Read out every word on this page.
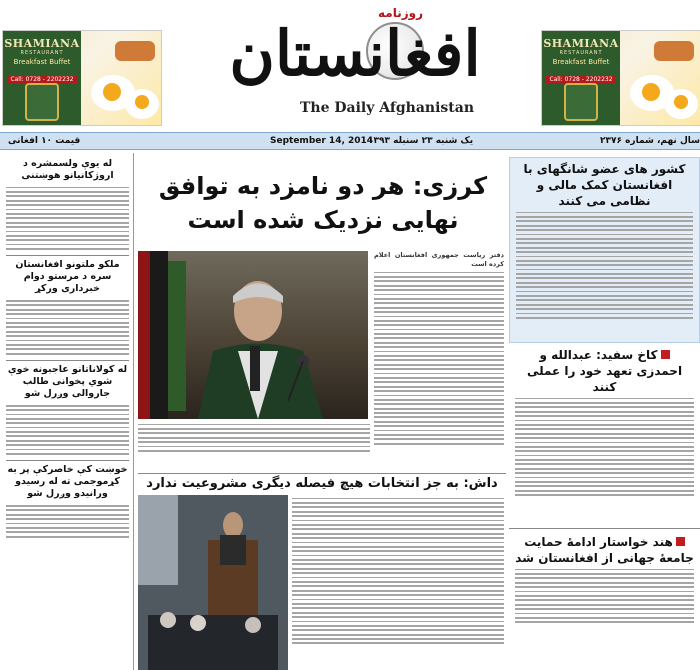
SHAMIANA
RESTAURANT
Breakfast Buffet
Call: 0728 - 2202232
SHAMIANA
RESTAURANT
Breakfast Buffet
Call: 0728 - 2202232
افغانستان
روزنامه
The Daily Afghanistan
قیمت ۱۰ افغانی	September 14, 2014
یک شنبه ۲۳ سنبله ۱۳۹۳	سال نهم، شماره ۲۳۷۶
له یوې ولسمشره د اروژکانیانو هوښتنی
ملکو ملتونو افغانستان سره د مرستو دوام خبرداری ورکړ
له کولاناتانو عاجبونه خوې شوي پخوانی طالب جاروالی وږرل شو
خوښت کې خاصرکې پر به کړموجمی ته له رسیدو ورانیدو وږرل شو
کرزی: هر دو نامزد به توافق نهایی نزدیک شده است
دفتر ریاست جمهوری افغانستان اعلام کرده است
داش: به جز انتخابات هیچ فیصله دیگری مشروعیت ندارد
کشور های عضو شانگهای با افغانستان کمک مالی و نظامی می کنند
کاخ سفید: عبدالله و احمدزی تعهد خود را عملی کنند
هند خواستار ادامهٔ حمایت جامعهٔ جهانی از افغانستان شد
